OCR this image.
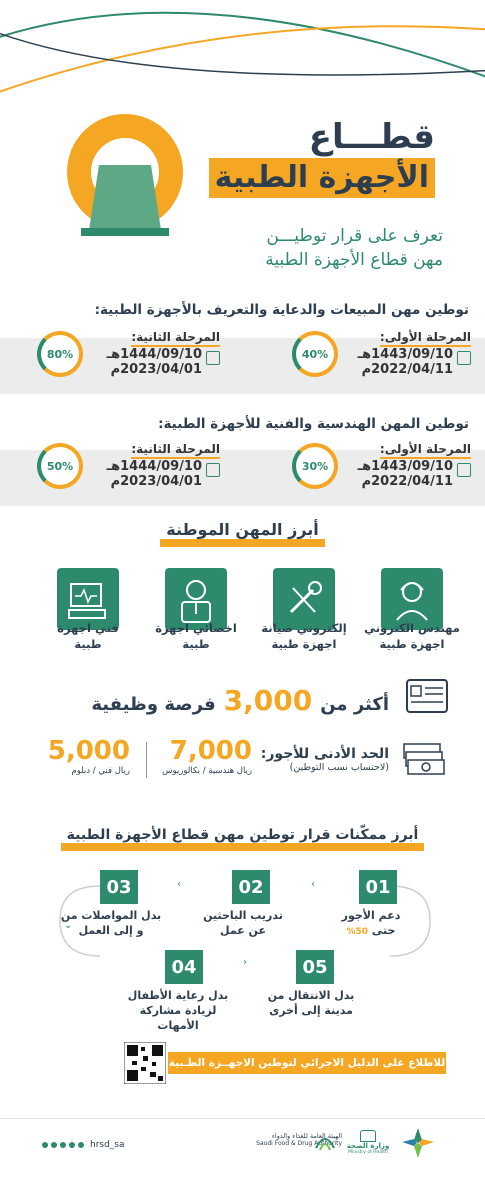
قطـــاع
الأجهزة الطبية
تعرف على قرار توطيـــن
مهن قطاع الأجهزة الطبية
توطين مهن المبيعات والدعاية والتعريف بالأجهزة الطبية:
المرحلة الأولى:
1443/09/10هـ
2022/04/11م
40%
المرحلة الثانية:
1444/09/10هـ
2023/04/01م
80%
توطين المهن الهندسية والفنية للأجهزة الطبية:
المرحلة الأولى:
1443/09/10هـ
2022/04/11م
30%
المرحلة الثانية:
1444/09/10هـ
2023/04/01م
50%
أبرز المهن الموطنة
مهندس الكتروني
اجهزة طبية
إلكتروني صيانة
اجهزة طبية
اخصائي اجهزة
طبية
فني اجهزة
طبية
أكثر من
3,000
فرصة وظيفية
الحد الأدنى للأجور:
(لاحتساب نسب التوطين)
7,000
ريال هندسية / بكالوريوس
5,000
ريال فني / دبلوم
أبرز ممكّنات قرار توطين مهن قطاع الأجهزة الطبية
‹
‹
›
⌄
01
دعم الأجور
حتى 50%
02
تدريب الباحثين
عن عمل
03
بدل المواصلات من
و إلى العمل
04
بدل رعاية الأطفال
لزيادة مشاركة الأمهات
05
بدل الانتقال من
مدينة إلى أخرى
للاطلاع على الدليل الاجرائي لتوطين الاجهــزة الطـبية
hrsd_sa
الهيئة العامة للغذاء والدواء
Saudi Food & Drug Authority وزارة الصحة
Ministry of Health
